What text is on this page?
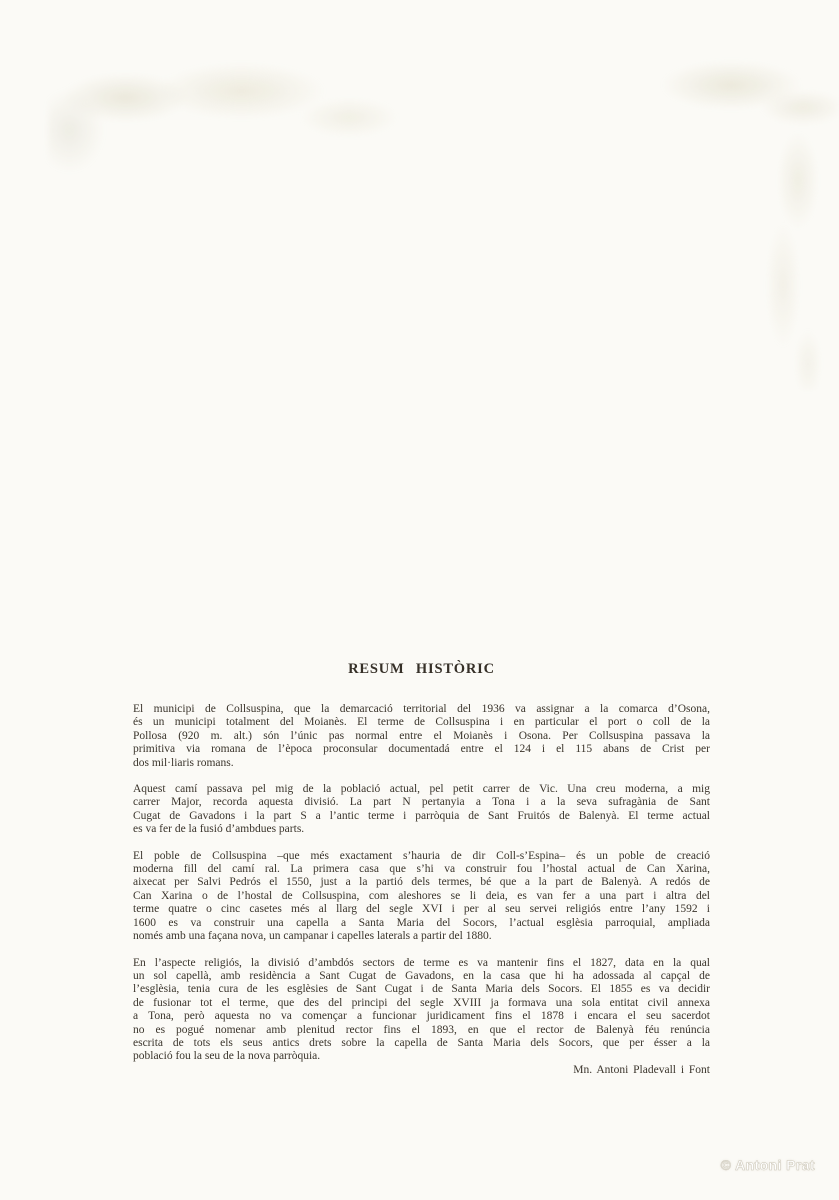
RESUM HISTÒRIC
El municipi de Collsuspina, que la demarcació territorial del 1936 va assignar a la comarca d’Osona,
és un municipi totalment del Moianès. El terme de Collsuspina i en particular el port o coll de la
Pollosa (920 m. alt.) són l’únic pas normal entre el Moianès i Osona. Per Collsuspina passava la
primitiva via romana de l’època proconsular documentadá entre el 124 i el 115 abans de Crist per
dos mil·liaris romans.
Aquest camí passava pel mig de la població actual, pel petit carrer de Vic. Una creu moderna, a mig
carrer Major, recorda aquesta divisió. La part N pertanyia a Tona i a la seva sufragània de Sant
Cugat de Gavadons i la part S a l’antic terme i parròquia de Sant Fruitós de Balenyà. El terme actual
es va fer de la fusió d’ambdues parts.
El poble de Collsuspina –que més exactament s’hauria de dir Coll-s’Espina– és un poble de creació
moderna fill del camí ral. La primera casa que s’hi va construir fou l’hostal actual de Can Xarina,
aixecat per Salvi Pedrós el 1550, just a la partió dels termes, bé que a la part de Balenyà. A redós de
Can Xarina o de l’hostal de Collsuspina, com aleshores se li deia, es van fer a una part i altra del
terme quatre o cinc casetes més al llarg del segle XVI i per al seu servei religiós entre l’any 1592 i
1600 es va construir una capella a Santa Maria del Socors, l’actual esglèsia parroquial, ampliada
només amb una façana nova, un campanar i capelles laterals a partir del 1880.
En l’aspecte religiós, la divisió d’ambdós sectors de terme es va mantenir fins el 1827, data en la qual
un sol capellà, amb residència a Sant Cugat de Gavadons, en la casa que hi ha adossada al capçal de
l’esglèsia, tenia cura de les esglèsies de Sant Cugat i de Santa Maria dels Socors. El 1855 es va decidir
de fusionar tot el terme, que des del principi del segle XVIII ja formava una sola entitat civil annexa
a Tona, però aquesta no va començar a funcionar juridicament fins el 1878 i encara el seu sacerdot
no es pogué nomenar amb plenitud rector fins el 1893, en que el rector de Balenyà féu renúncia
escrita de tots els seus antics drets sobre la capella de Santa Maria dels Socors, que per ésser a la
població fou la seu de la nova parròquia.
Mn. Antoni Pladevall i Font
© Antoni Prat
